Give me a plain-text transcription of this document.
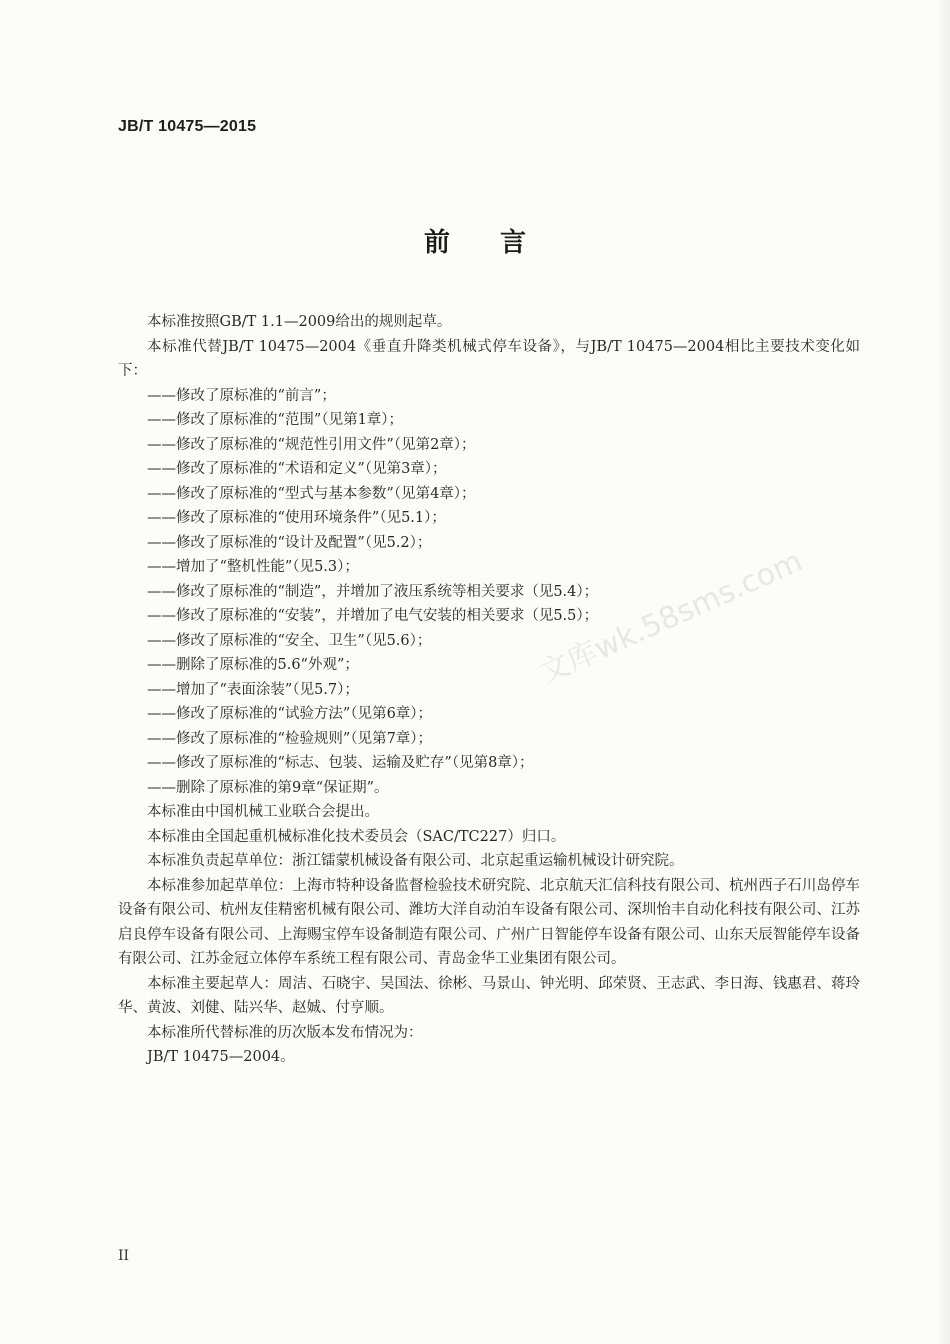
JB/T 10475—2015
前言

本标准按照GB/T 1.1—2009给出的规则起草。

本标准代替JB/T 10475—2004《垂直升降类机械式停车设备》，与JB/T 10475—2004相比主要技术变化如下：

——修改了原标准的“前言”；

——修改了原标准的“范围”（见第1章）；

——修改了原标准的“规范性引用文件”（见第2章）；

——修改了原标准的“术语和定义”（见第3章）；

——修改了原标准的“型式与基本参数”（见第4章）；

——修改了原标准的“使用环境条件”（见5.1）；

——修改了原标准的“设计及配置”（见5.2）；

——增加了“整机性能”（见5.3）；

——修改了原标准的“制造”，并增加了液压系统等相关要求（见5.4）；

——修改了原标准的“安装”，并增加了电气安装的相关要求（见5.5）；

——修改了原标准的“安全、卫生”（见5.6）；

——删除了原标准的5.6“外观”；

——增加了“表面涂装”（见5.7）；

——修改了原标准的“试验方法”（见第6章）；

——修改了原标准的“检验规则”（见第7章）；

——修改了原标准的“标志、包装、运输及贮存”（见第8章）；

——删除了原标准的第9章“保证期”。

本标准由中国机械工业联合会提出。

本标准由全国起重机械标准化技术委员会（SAC/TC227）归口。

本标准负责起草单位：浙江镭蒙机械设备有限公司、北京起重运输机械设计研究院。

本标准参加起草单位：上海市特种设备监督检验技术研究院、北京航天汇信科技有限公司、杭州西子石川岛停车设备有限公司、杭州友佳精密机械有限公司、潍坊大洋自动泊车设备有限公司、深圳怡丰自动化科技有限公司、江苏启良停车设备有限公司、上海赐宝停车设备制造有限公司、广州广日智能停车设备有限公司、山东天辰智能停车设备有限公司、江苏金冠立体停车系统工程有限公司、青岛金华工业集团有限公司。

本标准主要起草人：周洁、石晓宇、吴国法、徐彬、马景山、钟光明、邱荣贤、王志武、李日海、钱惠君、蒋玲华、黄波、刘健、陆兴华、赵娍、付亨顺。

本标准所代替标准的历次版本发布情况为：

JB/T 10475—2004。

文库wk.58sms.com
II
